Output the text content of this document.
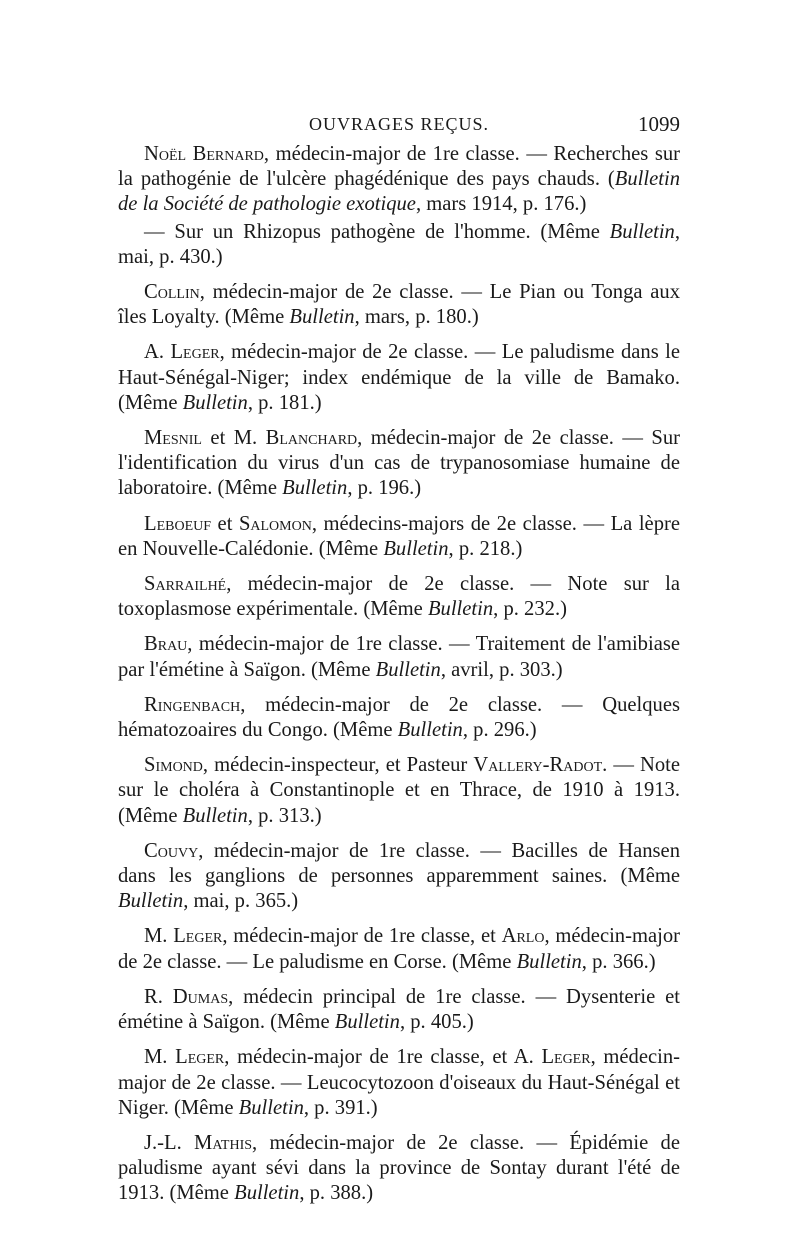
OUVRAGES REÇUS.	1099

Noël Bernard, médecin-major de 1re classe. — Recherches sur la pathogénie de l'ulcère phagédénique des pays chauds. (Bulletin de la Société de pathologie exotique, mars 1914, p. 176.)

— Sur un Rhizopus pathogène de l'homme. (Même Bulletin, mai, p. 430.)

Collin, médecin-major de 2e classe. — Le Pian ou Tonga aux îles Loyalty. (Même Bulletin, mars, p. 180.)

A. Leger, médecin-major de 2e classe. — Le paludisme dans le Haut-Sénégal-Niger; index endémique de la ville de Bamako. (Même Bulletin, p. 181.)

Mesnil et M. Blanchard, médecin-major de 2e classe. — Sur l'identification du virus d'un cas de trypanosomiase humaine de laboratoire. (Même Bulletin, p. 196.)

Leboeuf et Salomon, médecins-majors de 2e classe. — La lèpre en Nouvelle-Calédonie. (Même Bulletin, p. 218.)

Sarrailhé, médecin-major de 2e classe. — Note sur la toxoplasmose expérimentale. (Même Bulletin, p. 232.)

Brau, médecin-major de 1re classe. — Traitement de l'amibiase par l'émétine à Saïgon. (Même Bulletin, avril, p. 303.)

Ringenbach, médecin-major de 2e classe. — Quelques hématozoaires du Congo. (Même Bulletin, p. 296.)

Simond, médecin-inspecteur, et Pasteur Vallery-Radot. — Note sur le choléra à Constantinople et en Thrace, de 1910 à 1913. (Même Bulletin, p. 313.)

Couvy, médecin-major de 1re classe. — Bacilles de Hansen dans les ganglions de personnes apparemment saines. (Même Bulletin, mai, p. 365.)

M. Leger, médecin-major de 1re classe, et Arlo, médecin-major de 2e classe. — Le paludisme en Corse. (Même Bulletin, p. 366.)

R. Dumas, médecin principal de 1re classe. — Dysenterie et émétine à Saïgon. (Même Bulletin, p. 405.)

M. Leger, médecin-major de 1re classe, et A. Leger, médecin-major de 2e classe. — Leucocytozoon d'oiseaux du Haut-Sénégal et Niger. (Même Bulletin, p. 391.)

J.-L. Mathis, médecin-major de 2e classe. — Épidémie de paludisme ayant sévi dans la province de Sontay durant l'été de 1913. (Même Bulletin, p. 388.)
